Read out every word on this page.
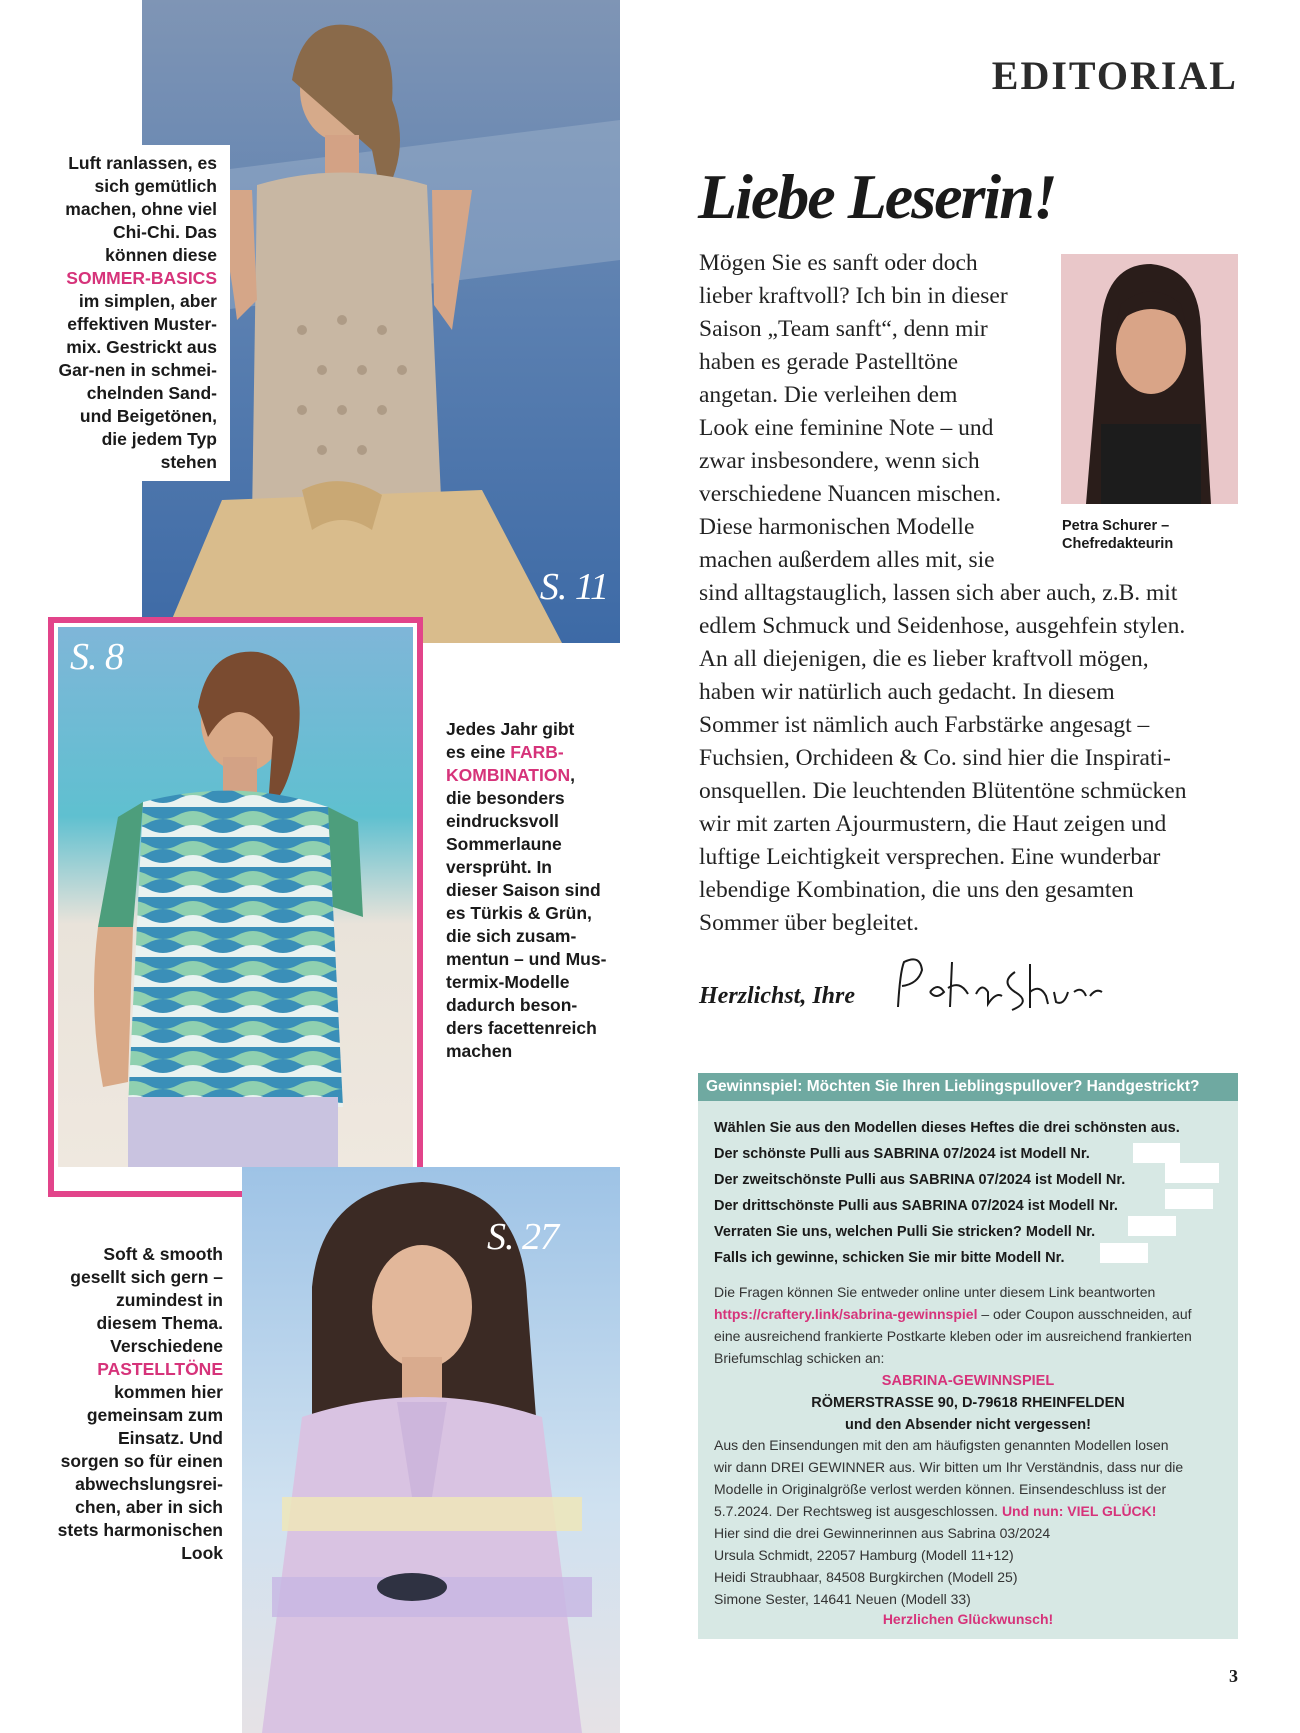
S. 11
S. 8
S. 27
Luft ranlassen, es
sich gemütlich
machen, ohne viel
Chi-Chi. Das
können diese
SOMMER-BASICS
im simplen, aber
effektiven Muster-
mix. Gestrickt aus
Gar-nen in schmei-
chelnden Sand-
und Beigetönen,
die jedem Typ
stehen
Jedes Jahr gibt
es eine FARB-
KOMBINATION,
die besonders
eindrucksvoll
Sommerlaune
versprüht. In
dieser Saison sind
es Türkis & Grün,
die sich zusam-
mentun – und Mus-
termix-Modelle
dadurch beson-
ders facettenreich
machen
Soft & smooth
gesellt sich gern –
zumindest in
diesem Thema.
Verschiedene
PASTELLTÖNE
kommen hier
gemeinsam zum
Einsatz. Und
sorgen so für einen
abwechslungsrei-
chen, aber in sich
stets harmonischen
Look
EDITORIAL
Liebe Leserin!
Petra Schurer –
Chefredakteurin
Mögen Sie es sanft oder doch
lieber kraftvoll? Ich bin in dieser
Saison „Team sanft“, denn mir
haben es gerade Pastelltöne
angetan. Die verleihen dem
Look eine feminine Note – und
zwar insbesondere, wenn sich
verschiedene Nuancen mischen.
Diese harmonischen Modelle
machen außerdem alles mit, sie
sind alltagstauglich, lassen sich aber auch, z.B. mit
edlem Schmuck und Seidenhose, ausgehfein stylen.
An all diejenigen, die es lieber kraftvoll mögen,
haben wir natürlich auch gedacht. In diesem
Sommer ist nämlich auch Farbstärke angesagt –
Fuchsien, Orchideen & Co. sind hier die Inspirati-
onsquellen. Die leuchtenden Blütentöne schmücken
wir mit zarten Ajourmustern, die Haut zeigen und
luftige Leichtigkeit versprechen. Eine wunderbar
lebendige Kombination, die uns den gesamten
Sommer über begleitet.
Herzlichst, Ihre
Gewinnspiel: Möchten Sie Ihren Lieblingspullover? Handgestrickt?
Wählen Sie aus den Modellen dieses Heftes die drei schönsten aus.
Der schönste Pulli aus SABRINA 07/2024 ist Modell Nr.
Der zweitschönste Pulli aus SABRINA 07/2024 ist Modell Nr.
Der drittschönste Pulli aus SABRINA 07/2024 ist Modell Nr.
Verraten Sie uns, welchen Pulli Sie stricken? Modell Nr.
Falls ich gewinne, schicken Sie mir bitte Modell Nr.
Die Fragen können Sie entweder online unter diesem Link beantworten
https://craftery.link/sabrina-gewinnspiel – oder Coupon ausschneiden, auf
eine ausreichend frankierte Postkarte kleben oder im ausreichend frankierten
Briefumschlag schicken an:
SABRINA-GEWINNSPIEL
RÖMERSTRASSE 90, D-79618 RHEINFELDEN
und den Absender nicht vergessen!
Aus den Einsendungen mit den am häufigsten genannten Modellen losen
wir dann DREI GEWINNER aus. Wir bitten um Ihr Verständnis, dass nur die
Modelle in Originalgröße verlost werden können. Einsendeschluss ist der
5.7.2024. Der Rechtsweg ist ausgeschlossen. Und nun: VIEL GLÜCK!
Hier sind die drei Gewinnerinnen aus Sabrina 03/2024
Ursula Schmidt, 22057 Hamburg (Modell 11+12)
Heidi Straubhaar, 84508 Burgkirchen (Modell 25)
Simone Sester, 14641 Neuen (Modell 33)
Herzlichen Glückwunsch!
3
